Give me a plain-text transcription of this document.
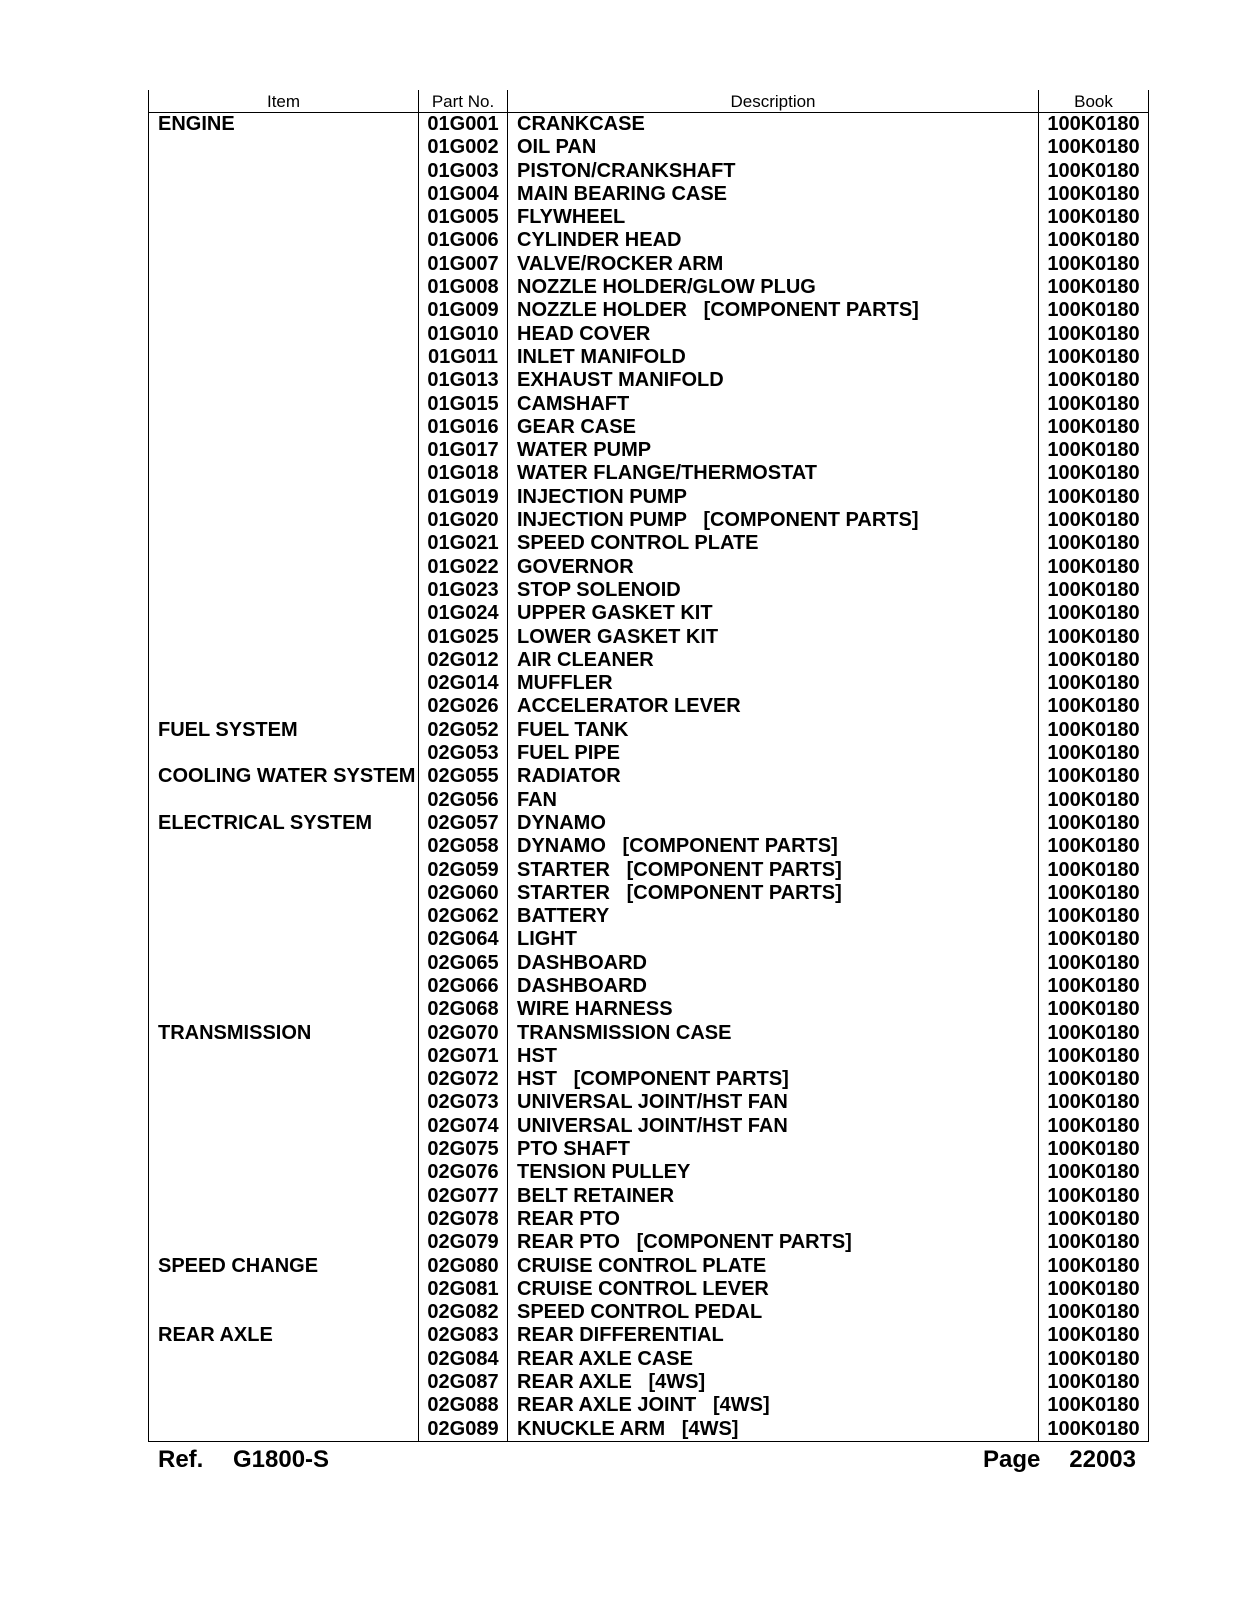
Item	Part No.	Description	Book
ENGINE	01G001	CRANKCASE	100K0180
	01G002	OIL PAN	100K0180
	01G003	PISTON/CRANKSHAFT	100K0180
	01G004	MAIN BEARING CASE	100K0180
	01G005	FLYWHEEL	100K0180
	01G006	CYLINDER HEAD	100K0180
	01G007	VALVE/ROCKER ARM	100K0180
	01G008	NOZZLE HOLDER/GLOW PLUG	100K0180
	01G009	NOZZLE HOLDER   [COMPONENT PARTS]	100K0180
	01G010	HEAD COVER	100K0180
	01G011	INLET MANIFOLD	100K0180
	01G013	EXHAUST MANIFOLD	100K0180
	01G015	CAMSHAFT	100K0180
	01G016	GEAR CASE	100K0180
	01G017	WATER PUMP	100K0180
	01G018	WATER FLANGE/THERMOSTAT	100K0180
	01G019	INJECTION PUMP	100K0180
	01G020	INJECTION PUMP   [COMPONENT PARTS]	100K0180
	01G021	SPEED CONTROL PLATE	100K0180
	01G022	GOVERNOR	100K0180
	01G023	STOP SOLENOID	100K0180
	01G024	UPPER GASKET KIT	100K0180
	01G025	LOWER GASKET KIT	100K0180
	02G012	AIR CLEANER	100K0180
	02G014	MUFFLER	100K0180
	02G026	ACCELERATOR LEVER	100K0180
FUEL SYSTEM	02G052	FUEL TANK	100K0180
	02G053	FUEL PIPE	100K0180
COOLING WATER SYSTEM	02G055	RADIATOR	100K0180
	02G056	FAN	100K0180
ELECTRICAL SYSTEM	02G057	DYNAMO	100K0180
	02G058	DYNAMO   [COMPONENT PARTS]	100K0180
	02G059	STARTER   [COMPONENT PARTS]	100K0180
	02G060	STARTER   [COMPONENT PARTS]	100K0180
	02G062	BATTERY	100K0180
	02G064	LIGHT	100K0180
	02G065	DASHBOARD	100K0180
	02G066	DASHBOARD	100K0180
	02G068	WIRE HARNESS	100K0180
TRANSMISSION	02G070	TRANSMISSION CASE	100K0180
	02G071	HST	100K0180
	02G072	HST   [COMPONENT PARTS]	100K0180
	02G073	UNIVERSAL JOINT/HST FAN	100K0180
	02G074	UNIVERSAL JOINT/HST FAN	100K0180
	02G075	PTO SHAFT	100K0180
	02G076	TENSION PULLEY	100K0180
	02G077	BELT RETAINER	100K0180
	02G078	REAR PTO	100K0180
	02G079	REAR PTO   [COMPONENT PARTS]	100K0180
SPEED CHANGE	02G080	CRUISE CONTROL PLATE	100K0180
	02G081	CRUISE CONTROL LEVER	100K0180
	02G082	SPEED CONTROL PEDAL	100K0180
REAR AXLE	02G083	REAR DIFFERENTIAL	100K0180
	02G084	REAR AXLE CASE	100K0180
	02G087	REAR AXLE   [4WS]	100K0180
	02G088	REAR AXLE JOINT   [4WS]	100K0180
	02G089	KNUCKLE ARM   [4WS]	100K0180
Ref. G1800-S	Page 22003
